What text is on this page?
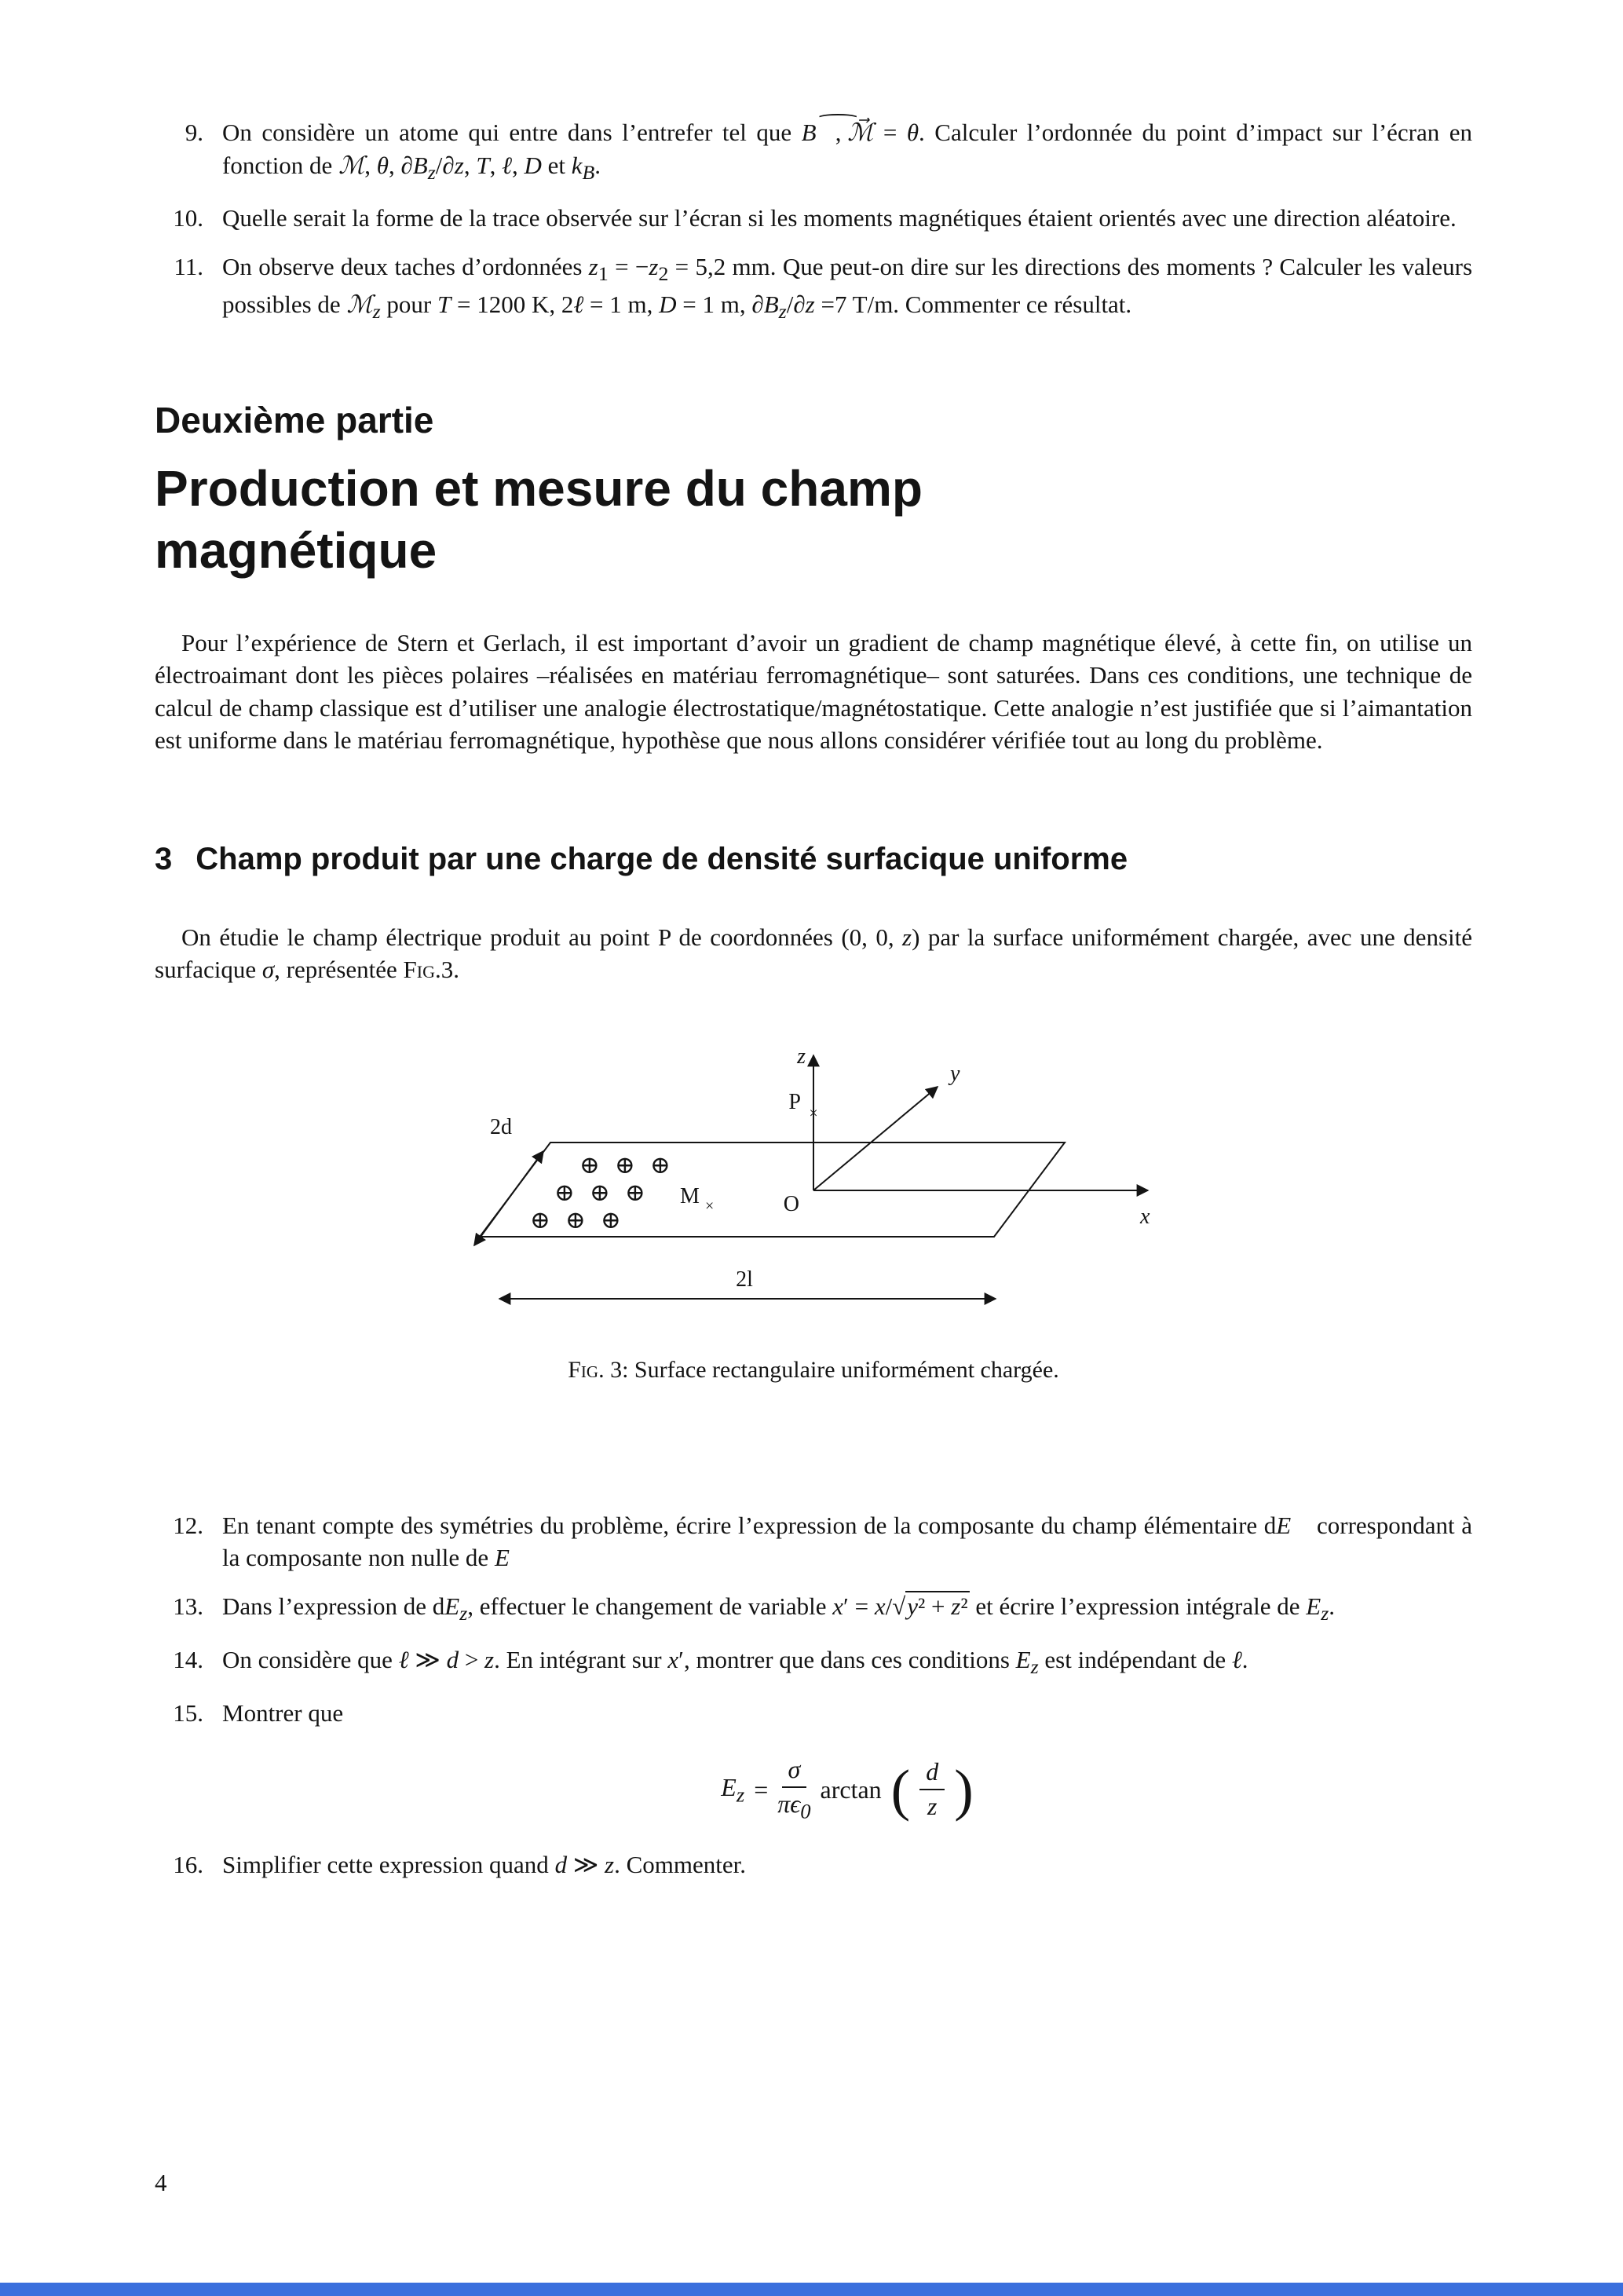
9. On considère un atome qui entre dans l’entrefer tel que
⌢
B⃗, ℳ⃗ = θ. Calculer l’ordonnée du point d’impact sur l’écran en fonction de ℳ, θ, $\partial B_z/\partial z$, T, ℓ, D et $k_B$.
10. Quelle serait la forme de la trace observée sur l’écran si les moments magnétiques étaient orientés avec une direction aléatoire.
11. On observe deux taches d’ordonnées $z_1 = -z_2 = 5,2$ mm. Que peut-on dire sur les directions des moments ? Calculer les valeurs possibles de ℳ$_z$ pour T = 1200 K, 2ℓ = 1 m, D = 1 m, $\partial B_z/\partial z =7$ T/m. Commenter ce résultat.
Deuxième partie
Production et mesure du champ
magnétique
Pour l’expérience de Stern et Gerlach, il est important d’avoir un gradient de champ magnétique élevé, à cette fin, on utilise un électroaimant dont les pièces polaires –réalisées en matériau ferromagnétique– sont saturées. Dans ces conditions, une technique de calcul de champ classique est d’utiliser une analogie électrostatique/magnétostatique. Cette analogie n’est justifiée que si l’aimantation est uniforme dans le matériau ferromagnétique, hypothèse que nous allons considérer vérifiée tout au long du problème.
3 Champ produit par une charge de densité surfacique uniforme
On étudie le champ électrique produit au point P de coordonnées (0, 0, z) par la surface uniformément chargée, avec une densité surfacique σ, représentée Fig.3.
z
y
x
O
P ×
M ×
2d
2l
⊕ ⊕ ⊕
⊕ ⊕ ⊕
⊕ ⊕ ⊕
Fig. 3: Surface rectangulaire uniformément chargée.
12. En tenant compte des symétries du problème, écrire l’expression de la composante du champ élémentaire dE⃗ correspondant à la composante non nulle de E⃗
13. Dans l’expression de $dE_z$, effectuer le changement de variable x′ = x/√y² + z² et écrire l’expression intégrale de $E_z$.
14. On considère que ℓ ≫ d > z. En intégrant sur x′, montrer que dans ces conditions $E_z$ est indépendant de ℓ.
15. Montrer que
$E_z = \frac{\sigma}{\pi\epsilon_0}$ arctan ( $\frac{d}{z}$ )
16. Simplifier cette expression quand d ≫ z. Commenter.
4
